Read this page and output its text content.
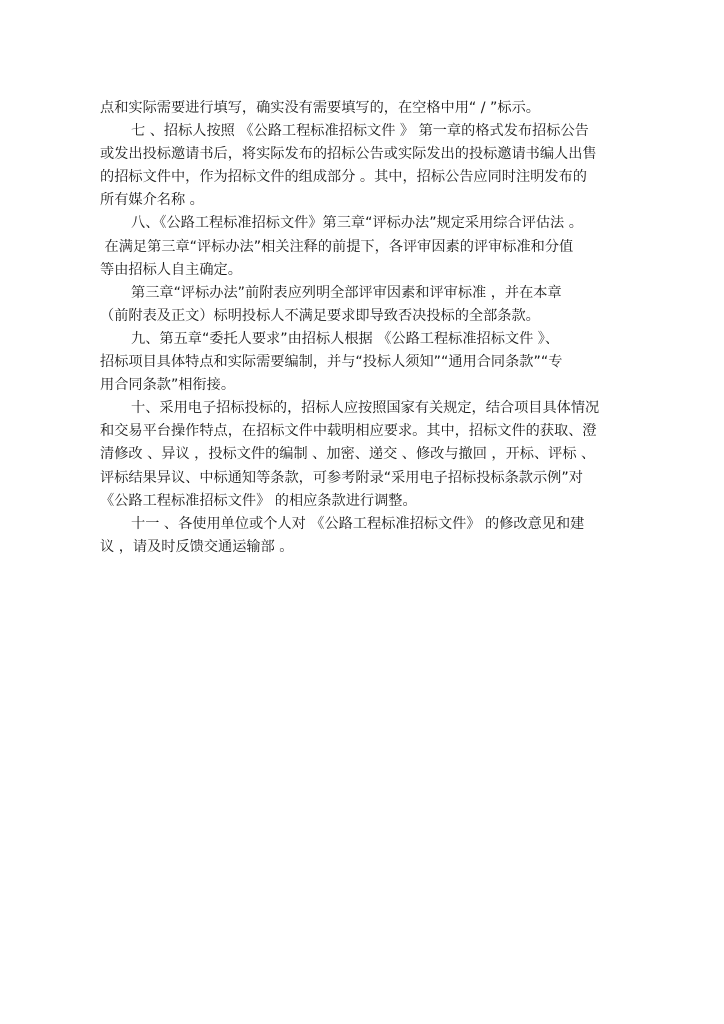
点和实际需要进行填写，确实没有需要填写的，在空格中用“ / ”标示。
七 、招标人按照 《公路工程标准招标文件 》 第一章的格式发布招标公告
或发出投标邀请书后，将实际发布的招标公告或实际发出的投标邀请书编人出售
的招标文件中，作为招标文件的组成部分 。其中，招标公告应同时注明发布的
所有媒介名称 。
八、《公路工程标准招标文件》第三章“评标办法”规定采用综合评估法 。
在满足第三章“评标办法”相关注释的前提下，各评审因素的评审标准和分值
等由招标人自主确定。
第三章“评标办法”前附表应列明全部评审因素和评审标准 ，并在本章
（前附表及正文）标明投标人不满足要求即导致否决投标的全部条款。
九、第五章“委托人要求”由招标人根据 《公路工程标准招标文件 》、
招标项目具体特点和实际需要编制，并与“投标人须知”“通用合同条款”“专
用合同条款”相衔接。
十、采用电子招标投标的，招标人应按照国家有关规定，结合项目具体情况
和交易平台操作特点，在招标文件中载明相应要求。其中，招标文件的获取、澄
清修改 、异议 ，投标文件的编制 、加密、递交 、修改与撤回 ，开标、评标 、
评标结果异议、中标通知等条款，可参考附录“采用电子招标投标条款示例”对
《公路工程标准招标文件》 的相应条款进行调整。
十一 、各使用单位或个人对 《公路工程标准招标文件》 的修改意见和建
议 ，请及时反馈交通运输部 。
